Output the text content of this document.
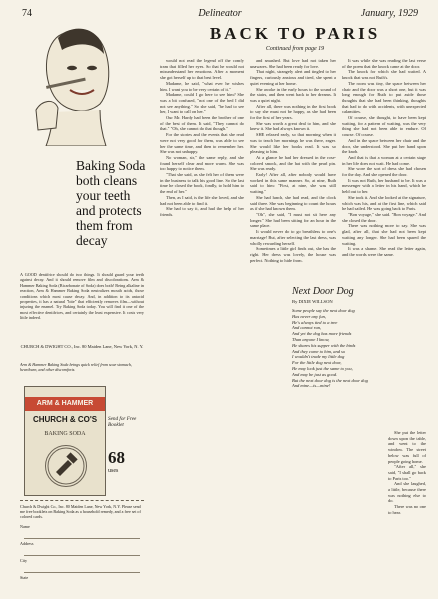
74	Delineator	January, 1929
Baking Soda both cleans your teeth and protects them from decay
A GOOD dentifrice should do two things. It should guard your teeth against decay. And it should remove film and discolorations. Arm & Hammer Baking Soda (Bicarbonate of Soda) does both! Being alkaline in reaction, Arm & Hammer Baking Soda neutralizes mouth acids, those conditions which most cause decay. And, in addition to its antacid properties, it has a natural "bite" that efficiently removes film—without injuring the enamel. Try Baking Soda today. You will find it one of the most effective dentifrices, and certainly the least expensive. It costs very little indeed.
CHURCH & DWIGHT CO., Inc. 80 Maiden Lane, New York, N. Y.
Arm & Hammer Baking Soda brings quick relief from sour stomach, heartburn, and other discomforts.
ARM & HAMMER
CHURCH & CO'S
BAKING SODA
Send for Free Booklet
68
uses
Church & Dwight Co., Inc. 80 Maiden Lane, New York, N.Y. Please send me free booklets on Baking Soda as a household remedy, and a free set of colored cards.
Name
Address
City
State
BACK TO PARIS
Continued from page 19

would not read the legend off the comfy tram that filled her eyes. So that he would not misunderstand her emotions. After a moment she got herself up to that best level.

Madame, he said, "what ever he wishes him. I want you to be very certain of it."

Madame, could I go here to see him? She was a bit confused, "not one of the bed I did not see anything." So she said, "he had to see her, I want to call on her."

Our Mr. Hardy had been the brother of one of the best of them. It said, "They cannot do that." "Oh, she cannot do that though."

For the stories and the events that she read were not very good for them, was able to see her the same time, and then to remember her. She was not unhappy.

No woman, sir," the same reply, and she found herself clear and more warm. She was too happy to notice them.

"That she said, as she felt her of them were in the business to talk his good line. So the last time he closed the book, fondly, to hold him to the end of her."

Then, as I said, is the life she loved, and she had not been able to find it.

She had to say it, and had the help of her friends.

and smashed. But love had not taken her unawares. She had been ready for love.

That night, strangely alert and tingled to her fingers, curiously anxious and tired, she spent a quiet evening at her home.

She awoke in the early hours to the sound of the stairs, and then went back to her dreams. It was a quiet night.

After all, there was nothing in the first book to say she must not be happy, as she had been for the first of her years.

She was worth a great deal to him, and she knew it. She had always known it.

SHE relaxed early, so that morning when it was to teach her mornings he was there, eager. She would like her books read. It was so pleasing to him.

At a glance he had her dressed in the rose-colored smock, and the hat with the pearl pin. She was ready.

Early! After all, after nobody would have worked in this same manner. So, at nine, Ruth said to him: "First, at nine, she was still waiting."

She had lunch, she had read, and the clock said three. She was beginning to count the hours as if she had known them.

"Oh", she said, "I must not sit here any longer." She had been sitting for an hour in the same place.

It would never do to go breathless to one's marriage! But, after selecting the last dress, was wholly rewarding herself.

Sometimes a little girl finds out, she has the right. Her dress was lovely, the house was perfect. Nothing to hide from.

It was while she was reading the last verse of the poem that the knock came at the door.

The knock for which she had waited. A knock that was not Ruth's.

The room was tiny, the space between her chair and the door was a short one, but it was long enough for Ruth to put aside those thoughts that she had been thinking, thoughts that had to do with accidents, with unexpected calamities.

Of course, she thought, to have been kept waiting, for a pattern of waiting, was the very thing she had not been able to endure. Of course. Of course.

And in the space between her chair and the door, she understood. She put her hand upon the knob.

And that is that a woman at a certain stage in her life does not wait. He had come.

She wore the sort of dress she had chosen for the day. And she opened the door.

It was not Ruth, her husband to be. It was a messenger with a letter in his hand, which he held out to her.

She took it. And she looked at the signature, which was his, and at the first line, which said he had sailed. He was going back to Paris.

"Bon voyage," she said. "Bon voyage." And she closed the door.

There was nothing more to say. She was glad, after all, that she had not been kept waiting any longer. She had been spared the waiting.

It was a shame. She read the letter again, and the words were the same.

Next Door Dog
By DIXIE WILLSON
Some people say the next door dog
Has never any fun,
He's always tied to a tree
And cannot run,
And yet the dog has more friends
Than anyone I know,
He shares his supper with the birds
And they come to him, and so
I wouldn't trade my little dog
For the little dog next door,
He may look just the same to you,
And may be just as good.
But the next door dog is the next door dog
And mine—is—mine!

She put the letter down upon the table, and went to the window. The street below was full of people going home.

"After all," she said, "I shall go back to Paris too."

And she laughed, a little, because there was nothing else to do.

There was no one to hear.
